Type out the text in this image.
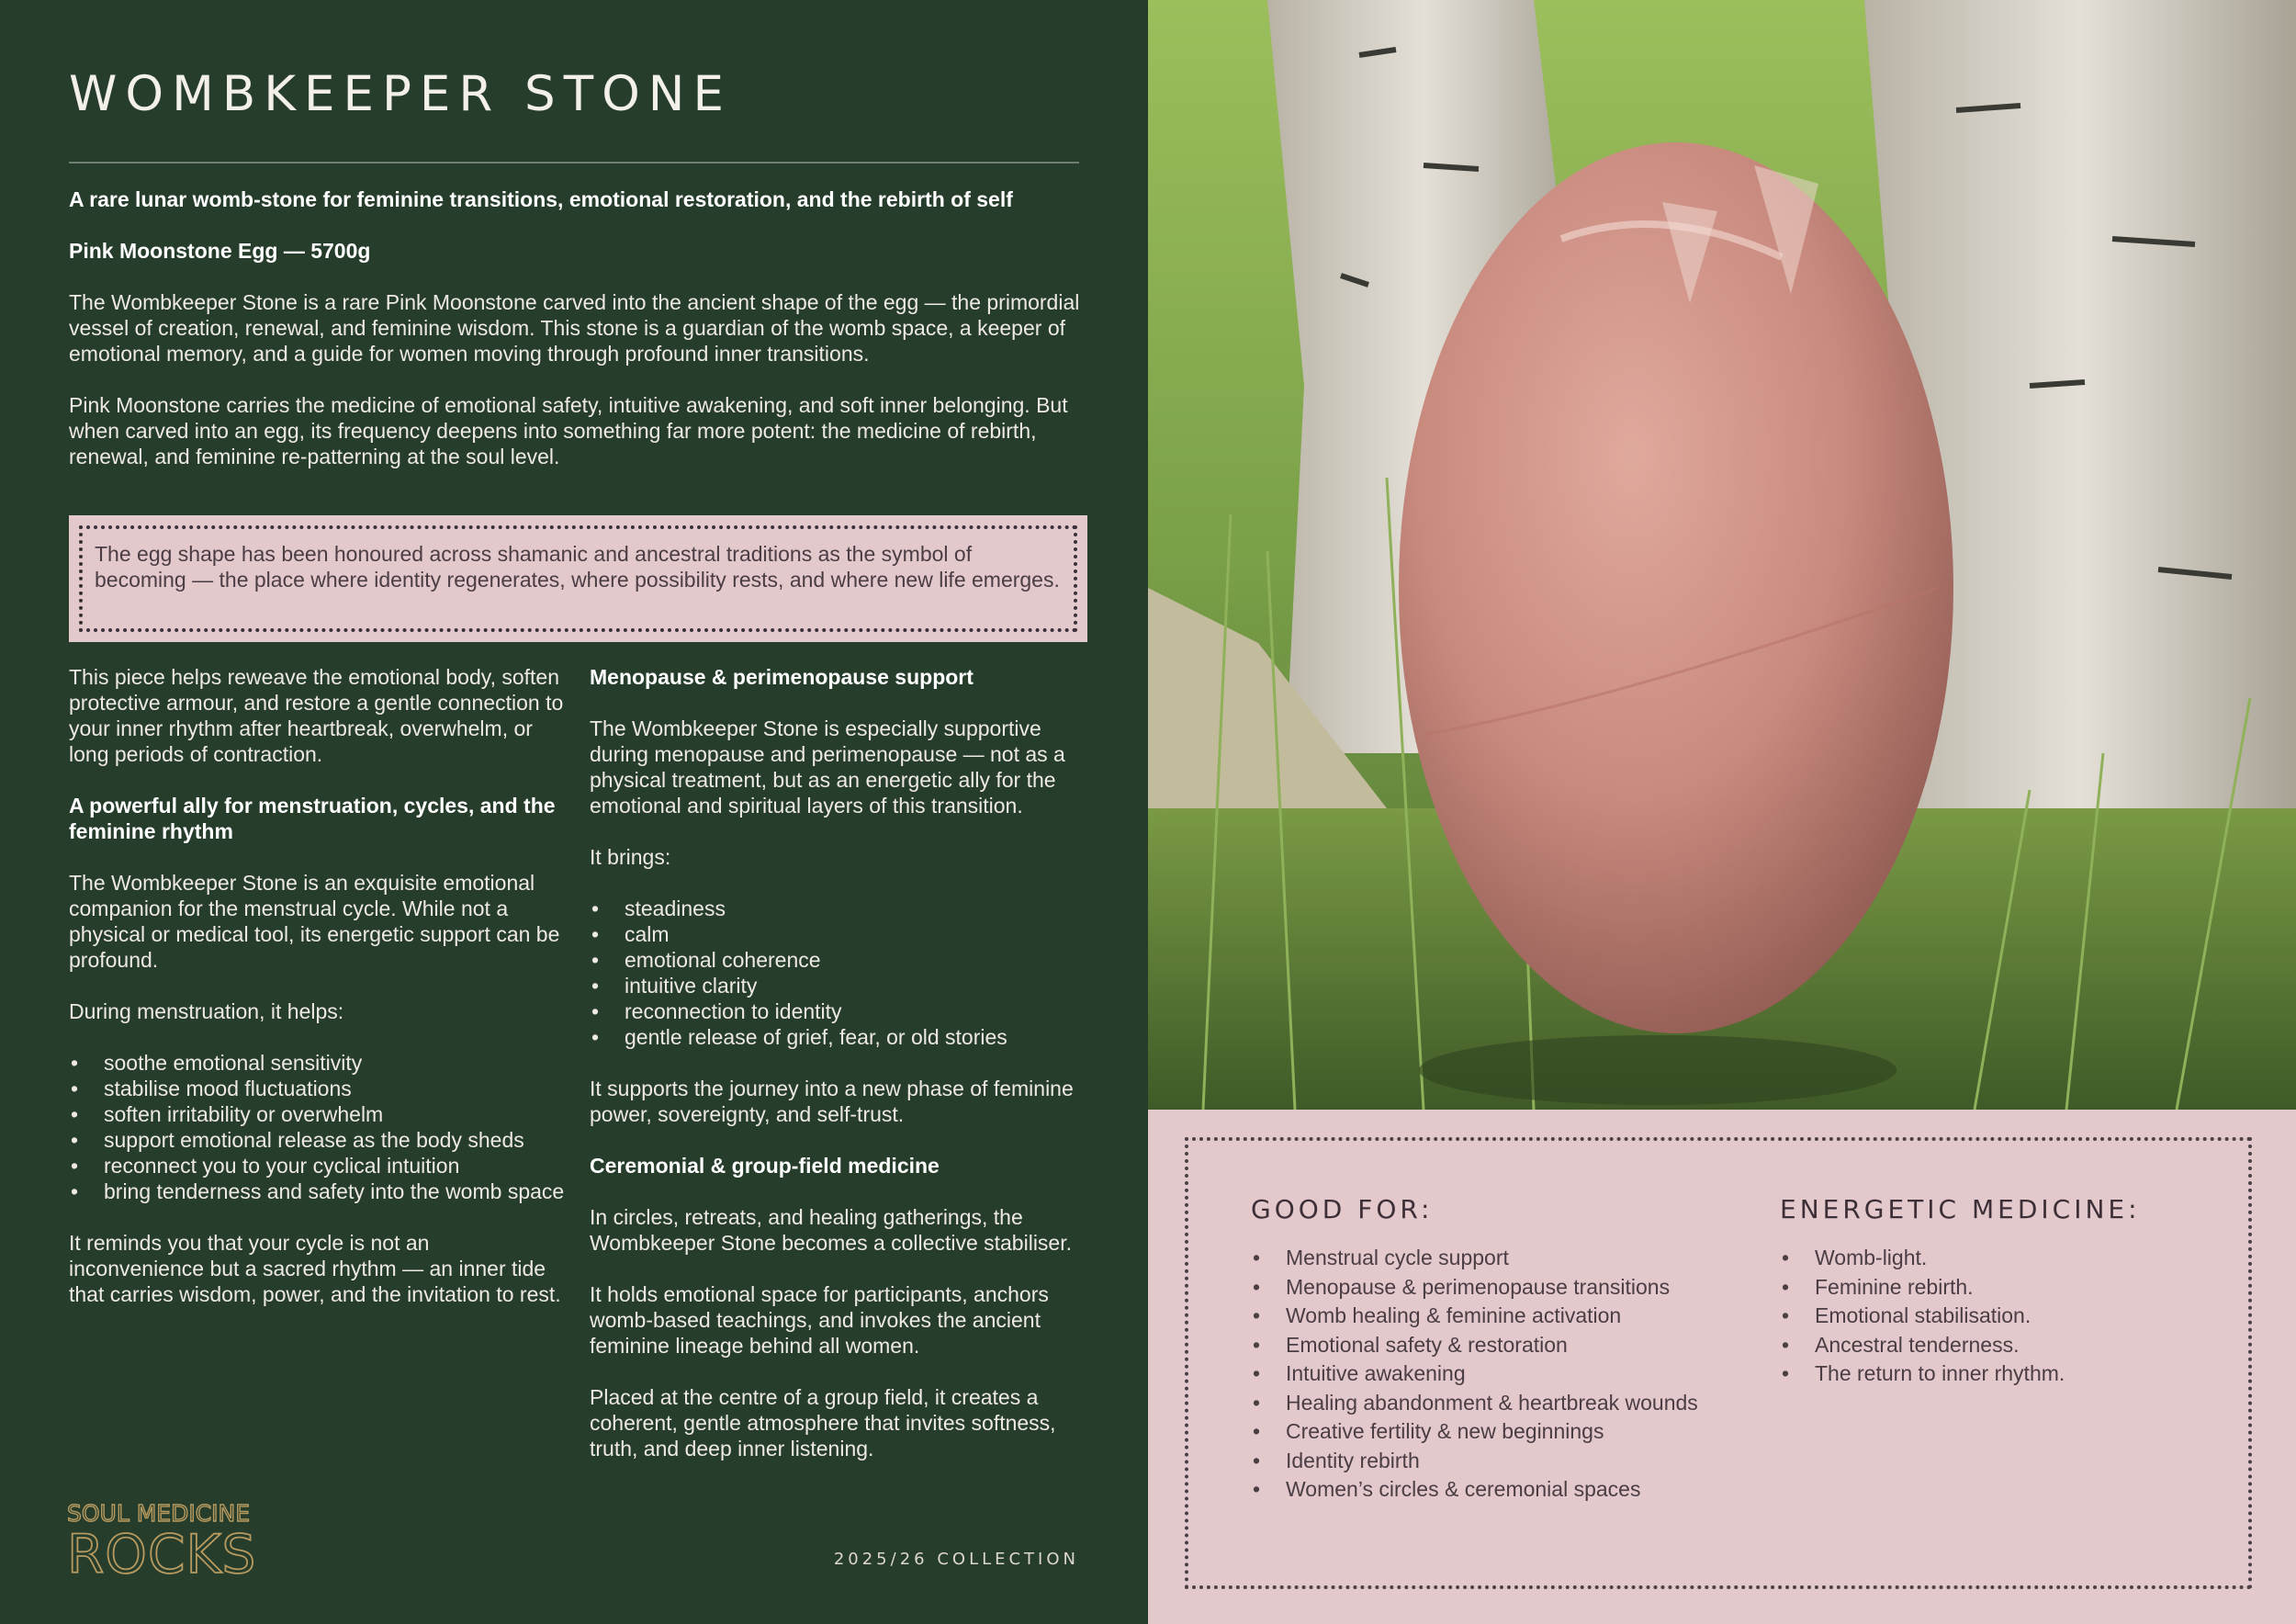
WOMBKEEPER STONE

A rare lunar womb-stone for feminine transitions, emotional restoration, and the rebirth of self

Pink Moonstone Egg — 5700g

The Wombkeeper Stone is a rare Pink Moonstone carved into the ancient shape of the egg — the primordial vessel of creation, renewal, and feminine wisdom. This stone is a guardian of the womb space, a keeper of emotional memory, and a guide for women moving through profound inner transitions.

Pink Moonstone carries the medicine of emotional safety, intuitive awakening, and soft inner belonging. But when carved into an egg, its frequency deepens into something far more potent: the medicine of rebirth, renewal, and feminine re-patterning at the soul level.

The egg shape has been honoured across shamanic and ancestral traditions as the symbol of becoming — the place where identity regenerates, where possibility rests, and where new life emerges.

This piece helps reweave the emotional body, soften protective armour, and restore a gentle connection to your inner rhythm after heartbreak, overwhelm, or long periods of contraction.

A powerful ally for menstruation, cycles, and the feminine rhythm

The Wombkeeper Stone is an exquisite emotional companion for the menstrual cycle. While not a physical or medical tool, its energetic support can be profound.

During menstruation, it helps:

• soothe emotional sensitivity
• stabilise mood fluctuations
• soften irritability or overwhelm
• support emotional release as the body sheds
• reconnect you to your cyclical intuition
• bring tenderness and safety into the womb space

It reminds you that your cycle is not an inconvenience but a sacred rhythm — an inner tide that carries wisdom, power, and the invitation to rest.

Menopause & perimenopause support

The Wombkeeper Stone is especially supportive during menopause and perimenopause — not as a physical treatment, but as an energetic ally for the emotional and spiritual layers of this transition.

It brings:

• steadiness
• calm
• emotional coherence
• intuitive clarity
• reconnection to identity
• gentle release of grief, fear, or old stories

It supports the journey into a new phase of feminine power, sovereignty, and self-trust.

Ceremonial & group-field medicine

In circles, retreats, and healing gatherings, the Wombkeeper Stone becomes a collective stabiliser.

It holds emotional space for participants, anchors womb-based teachings, and invokes the ancient feminine lineage behind all women.

Placed at the centre of a group field, it creates a coherent, gentle atmosphere that invites softness, truth, and deep inner listening.

SOUL MEDICINE
ROCKS	2025/26 COLLECTION

GOOD FOR:
• Menstrual cycle support
• Menopause & perimenopause transitions
• Womb healing & feminine activation
• Emotional safety & restoration
• Intuitive awakening
• Healing abandonment & heartbreak wounds
• Creative fertility & new beginnings
• Identity rebirth
• Women’s circles & ceremonial spaces
ENERGETIC MEDICINE:
• Womb-light.
• Feminine rebirth.
• Emotional stabilisation.
• Ancestral tenderness.
• The return to inner rhythm.
